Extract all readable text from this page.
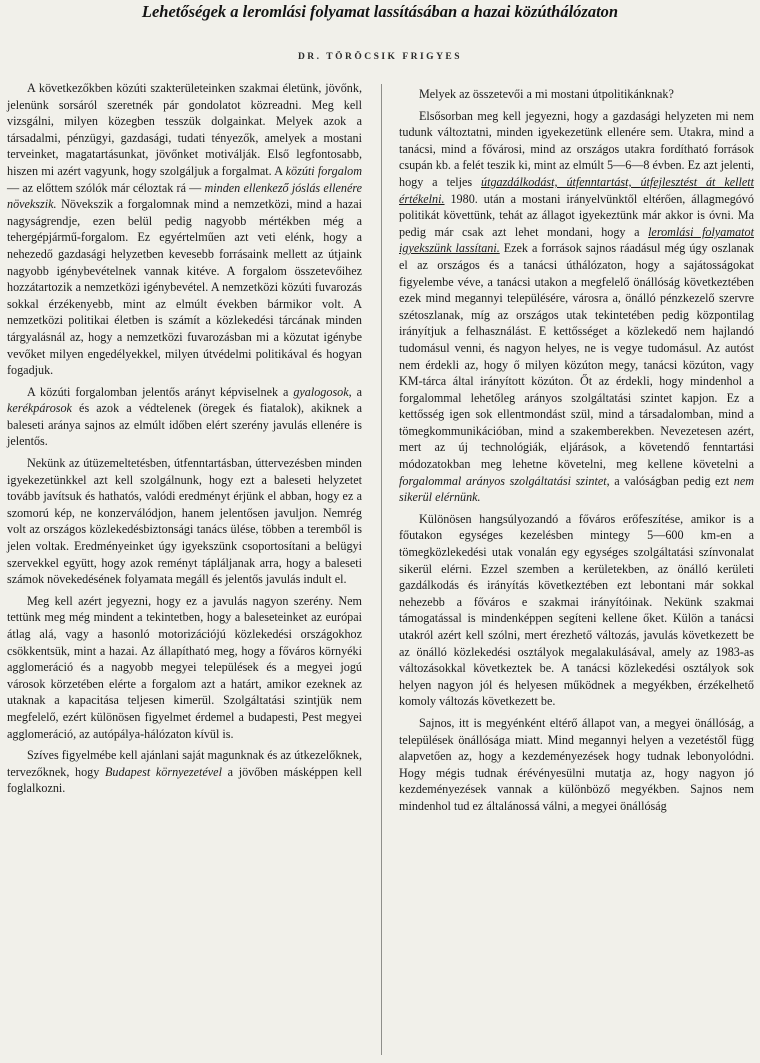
Lehetőségek a leromlási folyamat lassításában a hazai közúthálózaton
DR. TÖRÖCSIK FRIGYES

A következőkben közúti szakterületeinken szakmai életünk, jövőnk, jelenünk sorsáról szeretnék pár gondolatot közreadni. Meg kell vizsgálni, milyen közegben tesszük dolgainkat. Melyek azok a társadalmi, pénzügyi, gazdasági, tudati tényezők, amelyek a mostani terveinket, magatartásunkat, jövőnket motiválják. Első legfontosabb, hiszen mi azért vagyunk, hogy szolgáljuk a forgalmat. A közúti forgalom — az előttem szólók már céloztak rá — minden ellenkező jóslás ellenére növekszik. Növekszik a forgalomnak mind a nemzetközi, mind a hazai nagyságrendje, ezen belül pedig nagyobb mértékben még a tehergépjármű-forgalom. Ez egyértelműen azt veti elénk, hogy a nehezedő gazdasági helyzetben kevesebb forrásaink mellett az útjaink nagyobb igénybevételnek vannak kitéve. A forgalom összetevőihez hozzátartozik a nemzetközi igénybevétel. A nemzetközi közúti fuvarozás sokkal érzékenyebb, mint az elmúlt években bármikor volt. A nemzetközi politikai életben is számít a közlekedési tárcának minden tárgyalásnál az, hogy a nemzetközi fuvarozásban mi a közutat igénybe vevőket milyen engedélyekkel, milyen útvédelmi politikával és hogyan fogadjuk.

A közúti forgalomban jelentős arányt képviselnek a gyalogosok, a kerékpárosok és azok a védtelenek (öregek és fiatalok), akiknek a baleseti aránya sajnos az elmúlt időben elért szerény javulás ellenére is jelentős.

Nekünk az útüzemeltetésben, útfenntartásban, úttervezésben minden igyekezetünkkel azt kell szolgálnunk, hogy ezt a baleseti helyzetet tovább javítsuk és hathatós, valódi eredményt érjünk el abban, hogy ez a szomorú kép, ne konzerválódjon, hanem jelentősen javuljon. Nemrég volt az országos közlekedésbiztonsági tanács ülése, többen a teremből is jelen voltak. Eredményeinket úgy igyekszünk csoportosítani a belügyi szervekkel együtt, hogy azok reményt tápláljanak arra, hogy a baleseti számok növekedésének folyamata megáll és jelentős javulás indult el.

Meg kell azért jegyezni, hogy ez a javulás nagyon szerény. Nem tettünk meg még mindent a tekintetben, hogy a baleseteinket az európai átlag alá, vagy a hasonló motorizációjú közlekedési országokhoz csökkentsük, mint a hazai. Az állapítható meg, hogy a főváros környéki agglomeráció és a nagyobb megyei települések és a megyei jogú városok körzetében elérte a forgalom azt a határt, amikor ezeknek az utaknak a kapacitása teljesen kimerül. Szolgáltatási szintjük nem megfelelő, ezért különösen figyelmet érdemel a budapesti, Pest megyei agglomeráció, az autópálya-hálózaton kívül is.

Szíves figyelmébe kell ajánlani saját magunknak és az útkezelőknek, tervezőknek, hogy Budapest környezetével a jövőben másképpen kell foglalkozni.

Melyek az összetevői a mi mostani útpolitikánknak?

Elsősorban meg kell jegyezni, hogy a gazdasági helyzeten mi nem tudunk változtatni, minden igyekezetünk ellenére sem. Utakra, mind a tanácsi, mind a fővárosi, mind az országos utakra fordítható források csupán kb. a felét teszik ki, mint az elmúlt 5—6—8 évben. Ez azt jelenti, hogy a teljes útgazdálkodást, útfenntartást, útfejlesztést át kellett értékelni. 1980. után a mostani irányelvünktől eltérően, állagmegóvó politikát követtünk, tehát az állagot igyekeztünk már akkor is óvni. Ma pedig már csak azt lehet mondani, hogy a leromlási folyamatot igyekszünk lassítani. Ezek a források sajnos ráadásul még úgy oszlanak el az országos és a tanácsi úthálózaton, hogy a sajátosságokat figyelembe véve, a tanácsi utakon a megfelelő önállóság következtében ezek mind megannyi településére, városra a, önálló pénzkezelő szervre szétoszlanak, míg az országos utak tekintetében pedig központilag irányítjuk a felhasználást. E kettősséget a közlekedő nem hajlandó tudomásul venni, és nagyon helyes, ne is vegye tudomásul. Az autóst nem érdekli az, hogy ő milyen közúton megy, tanácsi közúton, vagy KM-tárca által irányított közúton. Őt az érdekli, hogy mindenhol a forgalommal lehetőleg arányos szolgáltatási szintet kapjon. Ez a kettősség igen sok ellentmondást szül, mind a társadalomban, mind a tömegkommunikációban, mind a szakemberekben. Nevezetesen azért, mert az új technológiák, eljárások, a követendő fenntartási módozatokban meg lehetne követelni, meg kellene követelni a forgalommal arányos szolgáltatási szintet, a valóságban pedig ezt nem sikerül elérnünk.

Különösen hangsúlyozandó a főváros erőfeszítése, amikor is a főutakon egységes kezelésben mintegy 5—600 km-en a tömegközlekedési utak vonalán egy egységes szolgáltatási színvonalat sikerül elérni. Ezzel szemben a kerületekben, az önálló kerületi gazdálkodás és irányítás következtében ezt lebontani már sokkal nehezebb a főváros e szakmai irányítóinak. Nekünk szakmai támogatással is mindenképpen segíteni kellene őket. Külön a tanácsi utakról azért kell szólni, mert érezhető változás, javulás következett be az önálló közlekedési osztályok megalakulásával, amely az 1983-as változásokkal következtek be. A tanácsi közlekedési osztályok sok helyen nagyon jól és helyesen működnek a megyékben, érzékelhető komoly változás következett be.

Sajnos, itt is megyénként eltérő állapot van, a megyei önállóság, a települések önállósága miatt. Mind megannyi helyen a vezetéstől függ alapvetően az, hogy a kezdeményezések hogy tudnak lebonyolódni. Hogy mégis tudnak érévényesülni mutatja az, hogy nagyon jó kezdeményezések vannak a különböző megyékben. Sajnos nem mindenhol tud ez általánossá válni, a megyei önállóság
